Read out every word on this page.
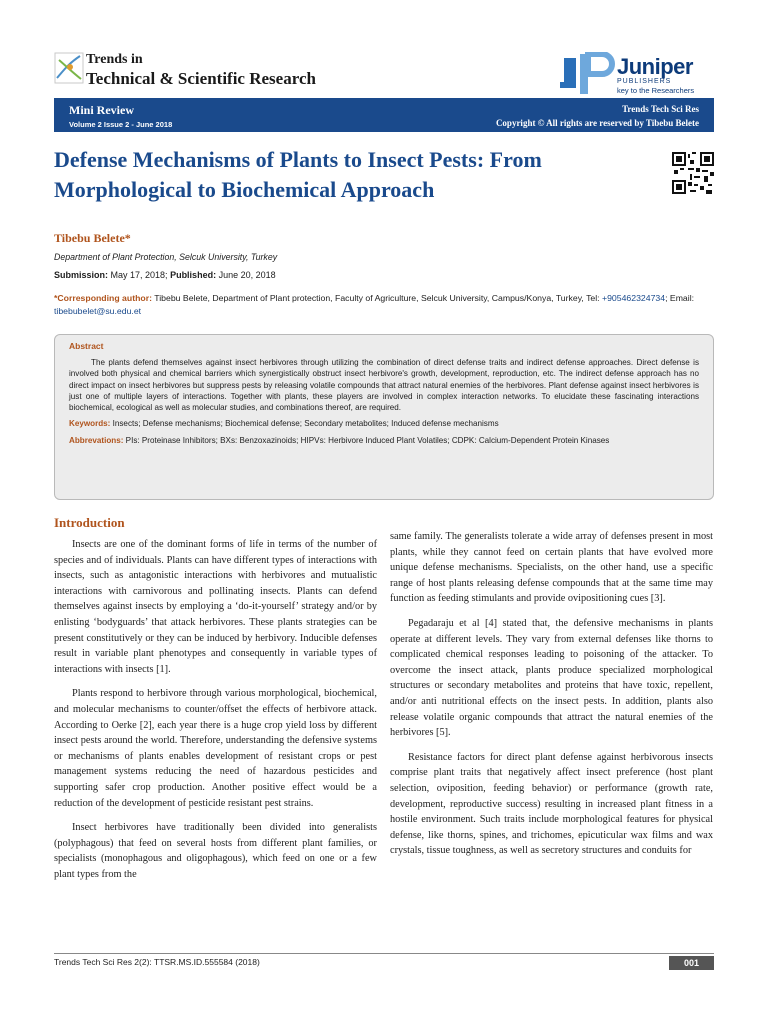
Trends in
Technical & Scientific Research	Juniper
PUBLISHERS
key to the Researchers
Mini Review
Volume 2 Issue 2 - June 2018
Trends Tech Sci Res
Copyright © All rights are reserved by Tibebu Belete
Defense Mechanisms of Plants to Insect Pests: From Morphological to Biochemical Approach
Tibebu Belete*
Department of Plant Protection, Selcuk University, Turkey
Submission: May 17, 2018; Published: June 20, 2018
*Corresponding author: Tibebu Belete, Department of Plant protection, Faculty of Agriculture, Selcuk University, Campus/Konya, Turkey, Tel: +905462324734; Email: tibebubelet@su.edu.et

Abstract

The plants defend themselves against insect herbivores through utilizing the combination of direct defense traits and indirect defense approaches. Direct defense is involved both physical and chemical barriers which synergistically obstruct insect herbivore's growth, development, reproduction, etc. The indirect defense approach has no direct impact on insect herbivores but suppress pests by releasing volatile compounds that attract natural enemies of the herbivores. Plant defense against insect herbivores is just one of multiple layers of interactions. Together with plants, these players are involved in complex interaction networks. To elucidate these fascinating interactions biochemical, ecological as well as molecular studies, and combinations thereof, are required.

Keywords: Insects; Defense mechanisms; Biochemical defense; Secondary metabolites; Induced defense mechanisms

Abbrevations: PIs: Proteinase Inhibitors; BXs: Benzoxazinoids; HIPVs: Herbivore Induced Plant Volatiles; CDPK: Calcium-Dependent Protein Kinases

Introduction

Insects are one of the dominant forms of life in terms of the number of species and of individuals. Plants can have different types of interactions with insects, such as antagonistic interactions with herbivores and mutualistic interactions with carnivorous and pollinating insects. Plants can defend themselves against insects by employing a ‘do-it-yourself’ strategy and/or by enlisting ‘bodyguards’ that attack herbivores. These plants strategies can be present constitutively or they can be induced by herbivory. Inducible defenses result in variable plant phenotypes and consequently in variable types of interactions with insects [1].

Plants respond to herbivore through various morphological, biochemical, and molecular mechanisms to counter/offset the effects of herbivore attack. According to Oerke [2], each year there is a huge crop yield loss by different insect pests around the world. Therefore, understanding the defensive systems or mechanisms of plants enables development of resistant crops or pest management systems reducing the need of hazardous pesticides and supporting safer crop production. Another positive effect would be a reduction of the development of pesticide resistant pest strains.

Insect herbivores have traditionally been divided into generalists (polyphagous) that feed on several hosts from different plant families, or specialists (monophagous and oligophagous), which feed on one or a few plant types from the

same family. The generalists tolerate a wide array of defenses present in most plants, while they cannot feed on certain plants that have evolved more unique defense mechanisms. Specialists, on the other hand, use a specific range of host plants releasing defense compounds that at the same time may function as feeding stimulants and provide ovipositioning cues [3].

Pegadaraju et al [4] stated that, the defensive mechanisms in plants operate at different levels. They vary from external defenses like thorns to complicated chemical responses leading to poisoning of the attacker. To overcome the insect attack, plants produce specialized morphological structures or secondary metabolites and proteins that have toxic, repellent, and/or anti nutritional effects on the insect pests. In addition, plants also release volatile organic compounds that attract the natural enemies of the herbivores [5].

Resistance factors for direct plant defense against herbivorous insects comprise plant traits that negatively affect insect preference (host plant selection, oviposition, feeding behavior) or performance (growth rate, development, reproductive success) resulting in increased plant fitness in a hostile environment. Such traits include morphological features for physical defense, like thorns, spines, and trichomes, epicuticular wax films and wax crystals, tissue toughness, as well as secretory structures and conduits for

Trends Tech Sci Res 2(2): TTSR.MS.ID.555584 (2018)	001
